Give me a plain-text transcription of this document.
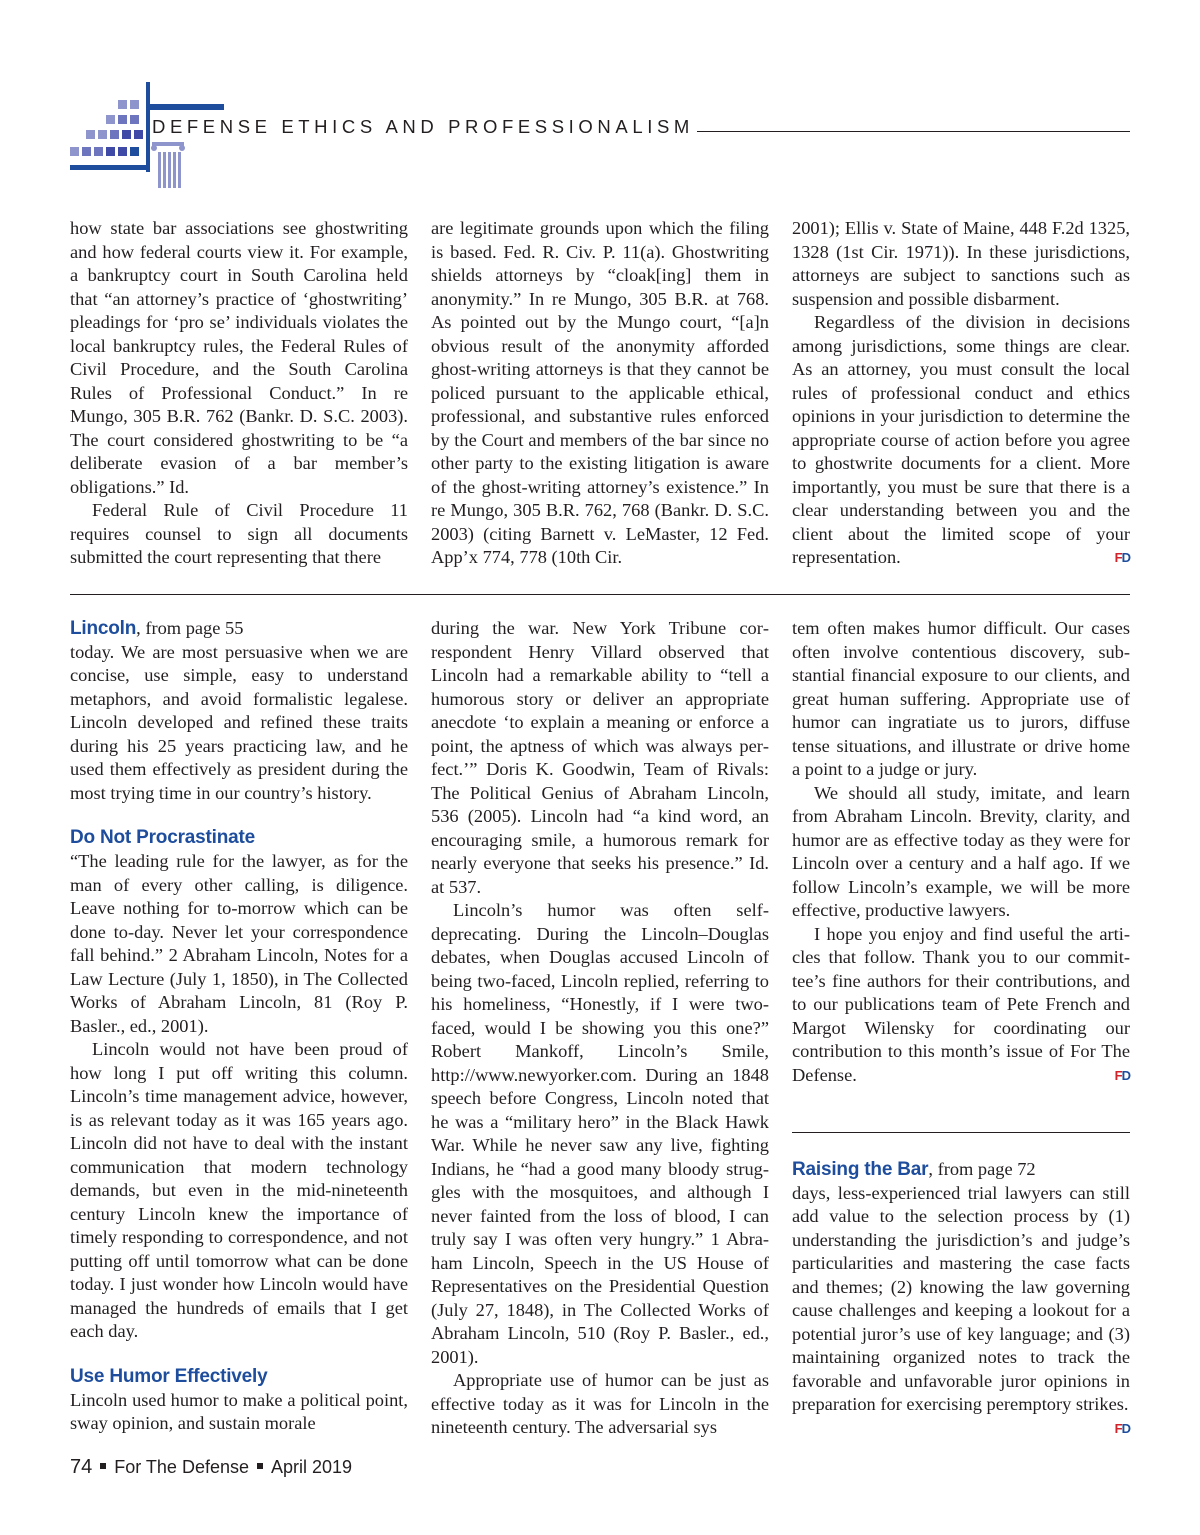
DEFENSE ETHICS AND PROFESSIONALISM

how state bar associations see ghostwriting and how federal courts view it. For example, a bankruptcy court in South Carolina held that “an attorney’s practice of ‘ghostwriting’ pleadings for ‘pro se’ individuals violates the local bankruptcy rules, the Federal Rules of Civil Procedure, and the South Carolina Rules of Professional Conduct.” In re Mungo, 305 B.R. 762 (Bankr. D. S.C. 2003). The court considered ghostwriting to be “a deliberate evasion of a bar member’s obligations.” Id.

Federal Rule of Civil Procedure 11 requires counsel to sign all documents submitted the court representing that there

are legitimate grounds upon which the filing is based. Fed. R. Civ. P. 11(a). Ghostwriting shields attorneys by “cloak[ing] them in anonymity.” In re Mungo, 305 B.R. at 768. As pointed out by the Mungo court, “[a]n obvious result of the anonymity afforded ghost-writing attorneys is that they cannot be policed pursuant to the applicable ethical, professional, and substantive rules enforced by the Court and members of the bar since no other party to the existing litigation is aware of the ghost-writing attorney’s existence.” In re Mungo, 305 B.R. 762, 768 (Bankr. D. S.C. 2003) (citing Barnett v. LeMaster, 12 Fed. App’x 774, 778 (10th Cir.

2001); Ellis v. State of Maine, 448 F.2d 1325, 1328 (1st Cir. 1971)). In these jurisdictions, attorneys are subject to sanctions such as suspension and possible disbarment.

Regardless of the division in decisions among jurisdictions, some things are clear. As an attorney, you must consult the local rules of professional conduct and ethics opinions in your jurisdiction to determine the appropriate course of action before you agree to ghostwrite documents for a client. More importantly, you must be sure that there is a clear understanding between you and the client about the limited scope of your representation.	FD

Lincoln, from page 55

today. We are most persuasive when we are concise, use simple, easy to understand metaphors, and avoid formalistic legalese. Lincoln developed and refined these traits during his 25 years practicing law, and he used them effectively as president during the most trying time in our country’s history.

Do Not Procrastinate

“The leading rule for the lawyer, as for the man of every other calling, is diligence. Leave nothing for to-morrow which can be done to-day. Never let your correspondence fall behind.” 2 Abraham Lincoln, Notes for a Law Lecture (July 1, 1850), in The Collected Works of Abraham Lincoln, 81 (Roy P. Basler., ed., 2001).

Lincoln would not have been proud of how long I put off writing this column. Lincoln’s time management advice, however, is as relevant today as it was 165 years ago. Lincoln did not have to deal with the instant communication that modern technology demands, but even in the mid-nineteenth century Lincoln knew the importance of timely responding to correspondence, and not putting off until tomorrow what can be done today. I just wonder how Lincoln would have managed the hundreds of emails that I get each day.

Use Humor Effectively

Lincoln used humor to make a political point, sway opinion, and sustain morale

during the war. New York Tribune correspondent Henry Villard observed that Lincoln had a remarkable ability to “tell a humorous story or deliver an appropriate anecdote ‘to explain a meaning or enforce a point, the aptness of which was always perfect.’” Doris K. Goodwin, Team of Rivals: The Political Genius of Abraham Lincoln, 536 (2005). Lincoln had “a kind word, an encouraging smile, a humorous remark for nearly everyone that seeks his presence.” Id. at 537.

Lincoln’s humor was often self-deprecating. During the Lincoln–Douglas debates, when Douglas accused Lincoln of being two-faced, Lincoln replied, referring to his homeliness, “Honestly, if I were two-faced, would I be showing you this one?” Robert Mankoff, Lincoln’s Smile, http://www.newyorker.com. During an 1848 speech before Congress, Lincoln noted that he was a “military hero” in the Black Hawk War. While he never saw any live, fighting Indians, he “had a good many bloody struggles with the mosquitoes, and although I never fainted from the loss of blood, I can truly say I was often very hungry.” 1 Abraham Lincoln, Speech in the US House of Representatives on the Presidential Question (July 27, 1848), in The Collected Works of Abraham Lincoln, 510 (Roy P. Basler., ed., 2001).

Appropriate use of humor can be just as effective today as it was for Lincoln in the nineteenth century. The adversarial sys

tem often makes humor difficult. Our cases often involve contentious discovery, substantial financial exposure to our clients, and great human suffering. Appropriate use of humor can ingratiate us to jurors, diffuse tense situations, and illustrate or drive home a point to a judge or jury.

We should all study, imitate, and learn from Abraham Lincoln. Brevity, clarity, and humor are as effective today as they were for Lincoln over a century and a half ago. If we follow Lincoln’s example, we will be more effective, productive lawyers.

I hope you enjoy and find useful the articles that follow. Thank you to our committee’s fine authors for their contributions, and to our publications team of Pete French and Margot Wilensky for coordinating our contribution to this month’s issue of For The Defense.	FD

Raising the Bar, from page 72

days, less-experienced trial lawyers can still add value to the selection process by (1) understanding the jurisdiction’s and judge’s particularities and mastering the case facts and themes; (2) knowing the law governing cause challenges and keeping a lookout for a potential juror’s use of key language; and (3) maintaining organized notes to track the favorable and unfavorable juror opinions in preparation for exercising peremptory strikes.
FD

74 For The Defense April 2019
